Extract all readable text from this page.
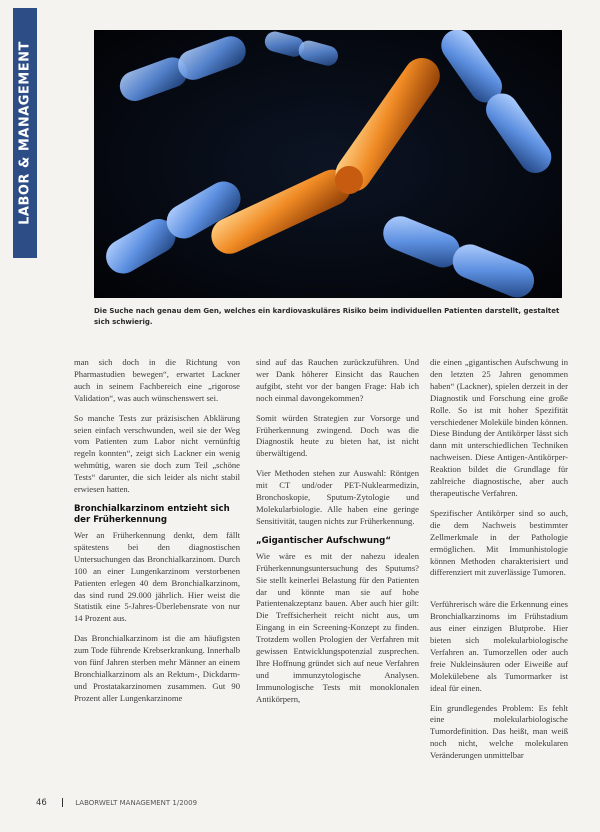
LABOR & MANAGEMENT
Die Suche nach genau dem Gen, welches ein kardiovaskuläres Risiko beim individuellen Patienten darstellt, gestaltet sich schwierig.

man sich doch in die Richtung von Pharmastudien bewegen“, erwartet Lackner auch in seinem Fachbereich eine „rigorose Validation“, was auch wünschenswert sei.

So manche Tests zur präzisischen Abklärung seien einfach verschwunden, weil sie der Weg vom Patienten zum Labor nicht vernünftig regeln konnten“, zeigt sich Lackner ein wenig wehmütig, waren sie doch zum Teil „schöne Tests“ darunter, die sich leider als nicht stabil erwiesen hatten.

Bronchialkarzinom entzieht sich der Früherkennung

Wer an Früherkennung denkt, dem fällt spätestens bei den diagnostischen Untersuchungen das Bronchialkarzinom. Durch 100 an einer Lungenkarzinom verstorbenen Patienten erlegen 40 dem Bronchialkarzinom, das sind rund 29.000 jährlich. Hier weist die Statistik eine 5-Jahres-Überlebensrate von nur 14 Prozent aus.

Das Bronchialkarzinom ist die am häufigsten zum Tode führende Krebserkrankung. Innerhalb von fünf Jahren sterben mehr Männer an einem Bronchialkarzinom als an Rektum-, Dickdarm- und Prostatakarzinomen zusammen. Gut 90 Prozent aller Lungenkarzinome

sind auf das Rauchen zurückzuführen. Und wer Dank höherer Einsicht das Rauchen aufgibt, steht vor der bangen Frage: Hab ich noch einmal davongekommen?

Somit würden Strategien zur Vorsorge und Früherkennung zwingend. Doch was die Diagnostik heute zu bieten hat, ist nicht überwältigend.

Vier Methoden stehen zur Auswahl: Röntgen mit CT und/oder PET-Nuklearmedizin, Bronchoskopie, Sputum-Zytologie und Molekularbiologie. Alle haben eine geringe Sensitivität, taugen nichts zur Früherkennung.

„Gigantischer Aufschwung“

Wie wäre es mit der nahezu idealen Früherkennungsuntersuchung des Sputums? Sie stellt keinerlei Belastung für den Patienten dar und könnte man sie auf hohe Patientenakzeptanz bauen. Aber auch hier gilt: Die Treffsicherheit reicht nicht aus, um Eingang in ein Screening-Konzept zu finden. Trotzdem wollen Prologien der Verfahren mit gewissen Entwicklungspotenzial zusprechen. Ihre Hoffnung gründet sich auf neue Verfahren und immunzytologische Analysen. Immunologische Tests mit monoklonalen Antikörpern,

die einen „gigantischen Aufschwung in den letzten 25 Jahren genommen haben“ (Lackner), spielen derzeit in der Diagnostik und Forschung eine große Rolle. So ist mit hoher Spezifität verschiedener Moleküle binden können. Diese Bindung der Antikörper lässt sich dann mit unterschiedlichen Techniken nachweisen. Diese Antigen-Antikörper-Reaktion bildet die Grundlage für zahlreiche diagnostische, aber auch therapeutische Verfahren.

Spezifischer Antikörper sind so auch, die dem Nachweis bestimmter Zellmerkmale in der Pathologie ermöglichen. Mit Immunhistologie können Methoden charakterisiert und differenziert mit zuverlässige Tumoren.

Verführerisch wäre die Erkennung eines Bronchialkarzinoms im Frühstadium aus einer einzigen Blutprobe. Hier bieten sich molekularbiologische Verfahren an. Tumorzellen oder auch freie Nukleinsäuren oder Eiweiße auf Molekülebene als Tumormarker ist ideal für einen.

Ein grundlegendes Problem: Es fehlt eine molekularbiologische Tumordefinition. Das heißt, man weiß noch nicht, welche molekularen Veränderungen unmittelbar

46	LABORWELT MANAGEMENT 1/2009
